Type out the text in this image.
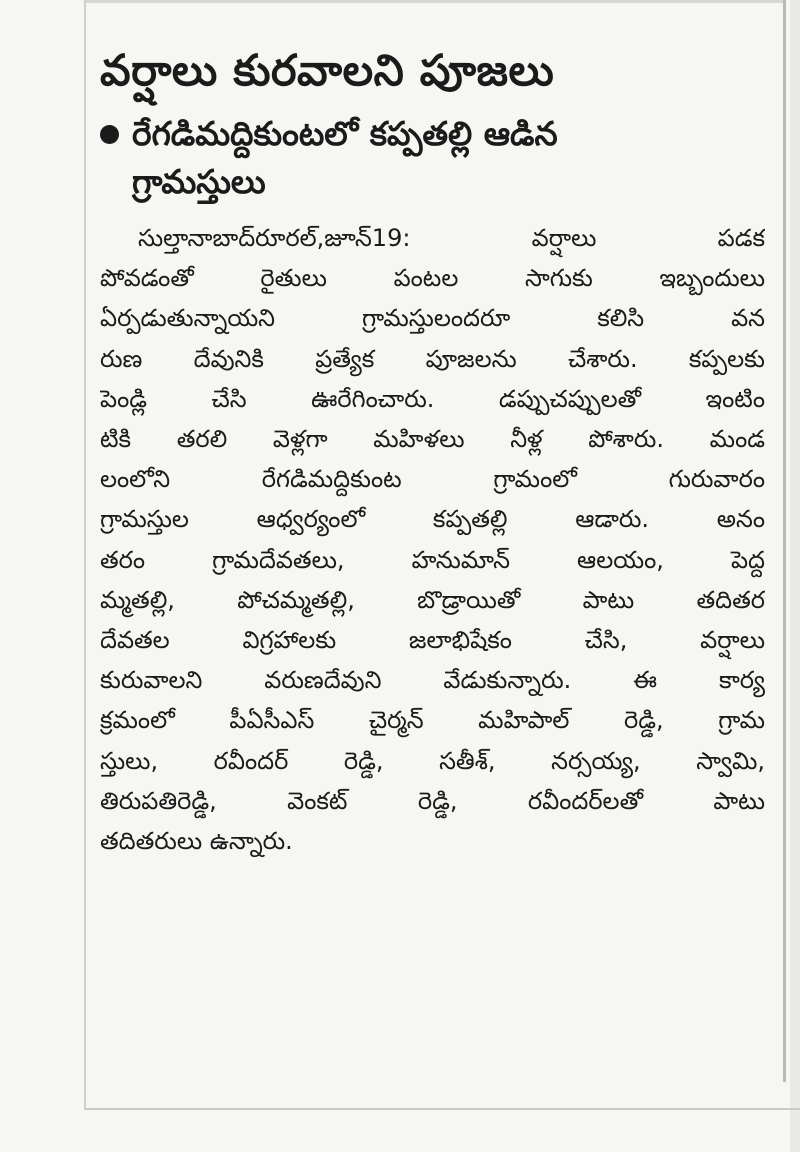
వర్షాలు కురవాలని పూజలు
రేగడిమద్దికుంటలో కప్పతల్లి ఆడిన
గ్రామస్తులు
సుల్తానాబాద్‌రూరల్,జూన్19: వర్షాలు పడక
పోవడంతో రైతులు పంటల సాగుకు ఇబ్బందులు
ఏర్పడుతున్నాయని గ్రామస్తులందరూ కలిసి వన
రుణ దేవునికి ప్రత్యేక పూజలను చేశారు. కప్పలకు
పెండ్లి చేసి ఊరేగించారు. డప్పుచప్పులతో ఇంటిం
టికి తరలి వెళ్లగా మహిళలు నీళ్ల పోశారు. మండ
లంలోని రేగడిమద్దికుంట గ్రామంలో గురువారం
గ్రామస్తుల ఆధ్వర్యంలో కప్పతల్లి ఆడారు. అనం
తరం గ్రామదేవతలు, హనుమాన్ ఆలయం, పెద్ద
మ్మతల్లి, పోచమ్మతల్లి, బొడ్రాయితో పాటు తదితర
దేవతల విగ్రహాలకు జలాభిషేకం చేసి, వర్షాలు
కురువాలని వరుణదేవుని వేడుకున్నారు. ఈ కార్య
క్రమంలో పీఏసీఎస్ చైర్మన్ మహిపాల్ రెడ్డి, గ్రామ
స్తులు, రవీందర్ రెడ్డి, సతీశ్, నర్సయ్య, స్వామి,
తిరుపతిరెడ్డి, వెంకట్ రెడ్డి, రవీందర్‌లతో పాటు
తదితరులు ఉన్నారు.
